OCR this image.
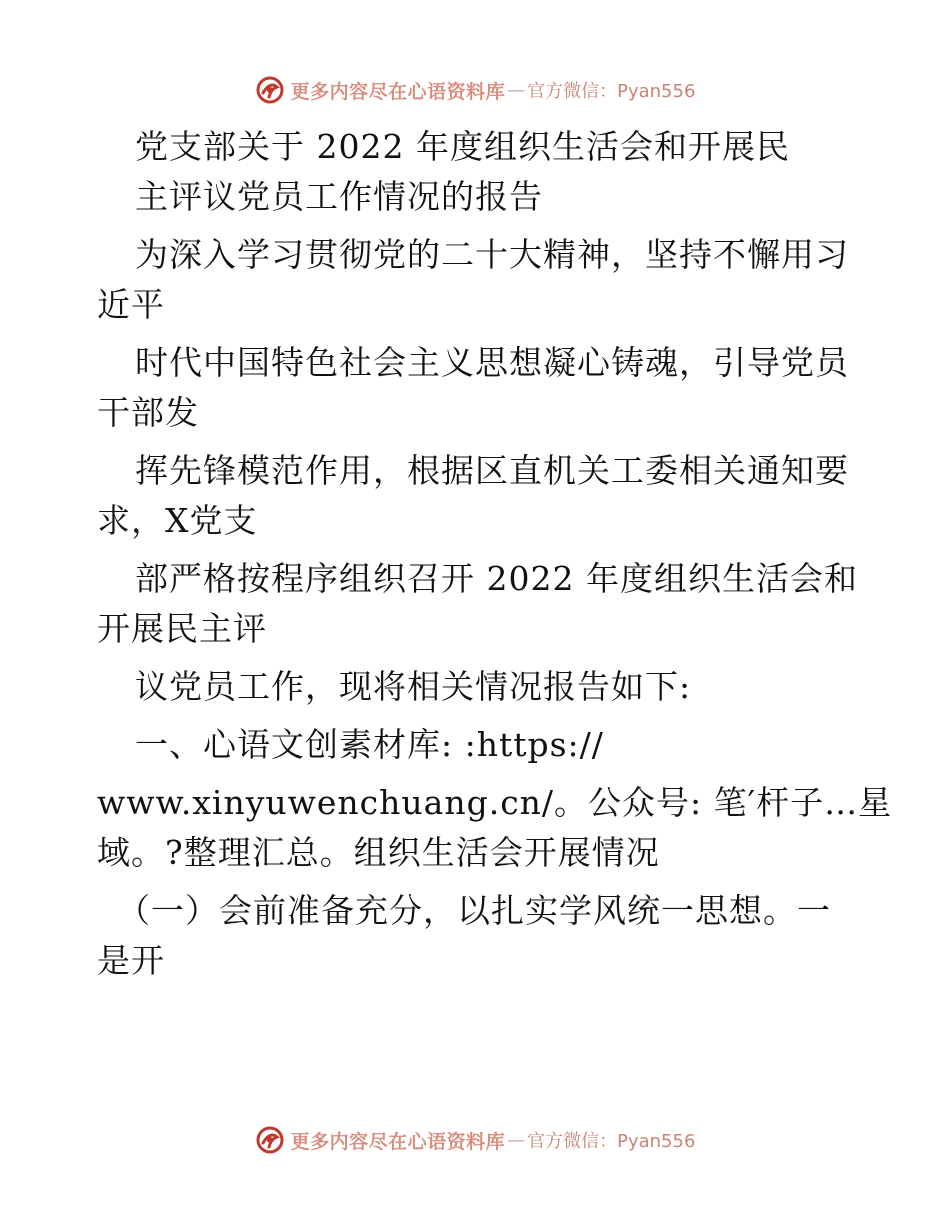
更多内容尽在心语资料库 — 官方微信：Pyan556
党支部关于 2022 年度组织生活会和开展民
主评议党员工作情况的报告
为深入学习贯彻党的二十大精神，坚持不懈用习
近平
时代中国特色社会主义思想凝心铸魂，引导党员
干部发
挥先锋模范作用，根据区直机关工委相关通知要
求，X党支
部严格按程序组织召开 2022 年度组织生活会和
开展民主评
议党员工作，现将相关情况报告如下:
一、心语文创素材库: :https://
www.xinyuwenchuang.cn/。公众号: 笔′杆子…星
域。?整理汇总。组织生活会开展情况
（一）会前准备充分，以扎实学风统一思想。一
是开
更多内容尽在心语资料库 — 官方微信：Pyan556
